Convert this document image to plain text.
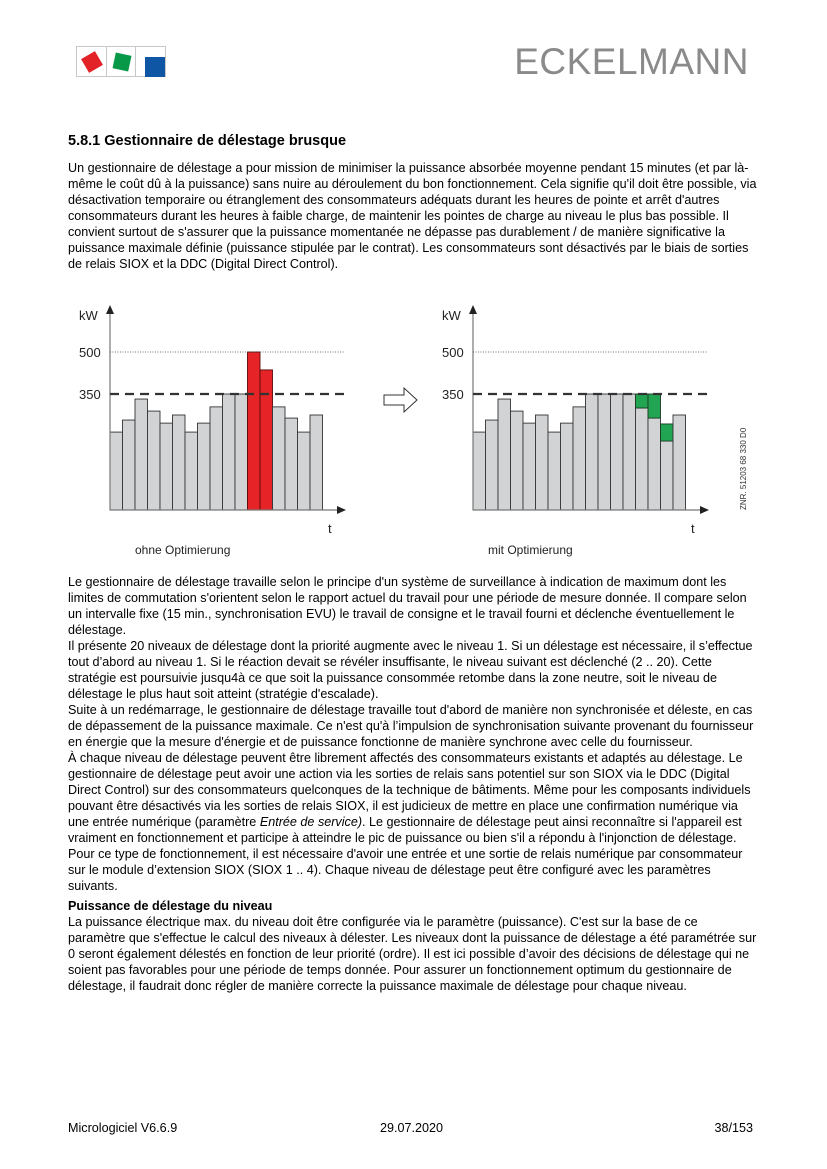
ECKELMANN
5.8.1 Gestionnaire de délestage brusque

Un gestionnaire de délestage a pour mission de minimiser la puissance absorbée moyenne pendant 15 minutes (et par là-même le coût dû à la puissance) sans nuire au déroulement du bon fonctionnement. Cela signifie qu'il doit être possible, via désactivation temporaire ou étranglement des consommateurs adéquats durant les heures de pointe et arrêt d'autres consommateurs durant les heures à faible charge, de maintenir les pointes de charge au niveau le plus bas possible. Il convient surtout de s'assurer que la puissance momentanée ne dépasse pas durablement / de manière significative la puissance maximale définie (puissance stipulée par le contrat). Les consommateurs sont désactivés par le biais de sorties de relais SIOX et la DDC (Digital Direct Control).

kW
350
500
t
ohne Optimierung
kW
350
500
t
mit Optimierung
ZNR. 51203 68 330 D0
Le gestionnaire de délestage travaille selon le principe d'un système de surveillance à indication de maximum dont les limites de commutation s'orientent selon le rapport actuel du travail pour une période de mesure donnée. Il compare selon un intervalle fixe (15 min., synchronisation EVU) le travail de consigne et le travail fourni et déclenche éventuellement le délestage.
Il présente 20 niveaux de délestage dont la priorité augmente avec le niveau 1. Si un délestage est nécessaire, il s’effectue tout d’abord au niveau 1. Si le réaction devait se révéler insuffisante, le niveau suivant est déclenché (2 .. 20). Cette stratégie est poursuivie jusqu4à ce que soit la puissance consommée retombe dans la zone neutre, soit le niveau de délestage le plus haut soit atteint (stratégie d'escalade).
Suite à un redémarrage, le gestionnaire de délestage travaille tout d'abord de manière non synchronisée et déleste, en cas de dépassement de la puissance maximale. Ce n'est qu'à l’impulsion de synchronisation suivante provenant du fournisseur en énergie que la mesure d'énergie et de puissance fonctionne de manière synchrone avec celle du fournisseur.
À chaque niveau de délestage peuvent être librement affectés des consommateurs existants et adaptés au délestage. Le gestionnaire de délestage peut avoir une action via les sorties de relais sans potentiel sur son SIOX via le DDC (Digital Direct Control) sur des consommateurs quelconques de la technique de bâtiments. Même pour les composants individuels pouvant être désactivés via les sorties de relais SIOX, il est judicieux de mettre en place une confirmation numérique via une entrée numérique (paramètre Entrée de service). Le gestionnaire de délestage peut ainsi reconnaître si l'appareil est vraiment en fonctionnement et participe à atteindre le pic de puissance ou bien s'il a répondu à l'injonction de délestage. Pour ce type de fonctionnement, il est nécessaire d'avoir une entrée et une sortie de relais numérique par consommateur sur le module d’extension SIOX (SIOX 1 .. 4). Chaque niveau de délestage peut être configuré avec les paramètres suivants.
Puissance de délestage du niveau
La puissance électrique max. du niveau doit être configurée via le paramètre (puissance). C'est sur la base de ce paramètre que s'effectue le calcul des niveaux à délester. Les niveaux dont la puissance de délestage a été paramétrée sur 0 seront également délestés en fonction de leur priorité (ordre). Il est ici possible d’avoir des décisions de délestage qui ne soient pas favorables pour une période de temps donnée. Pour assurer un fonctionnement optimum du gestionnaire de délestage, il faudrait donc régler de manière correcte la puissance maximale de délestage pour chaque niveau.
Micrologiciel V6.6.9	29.07.2020	38/153
